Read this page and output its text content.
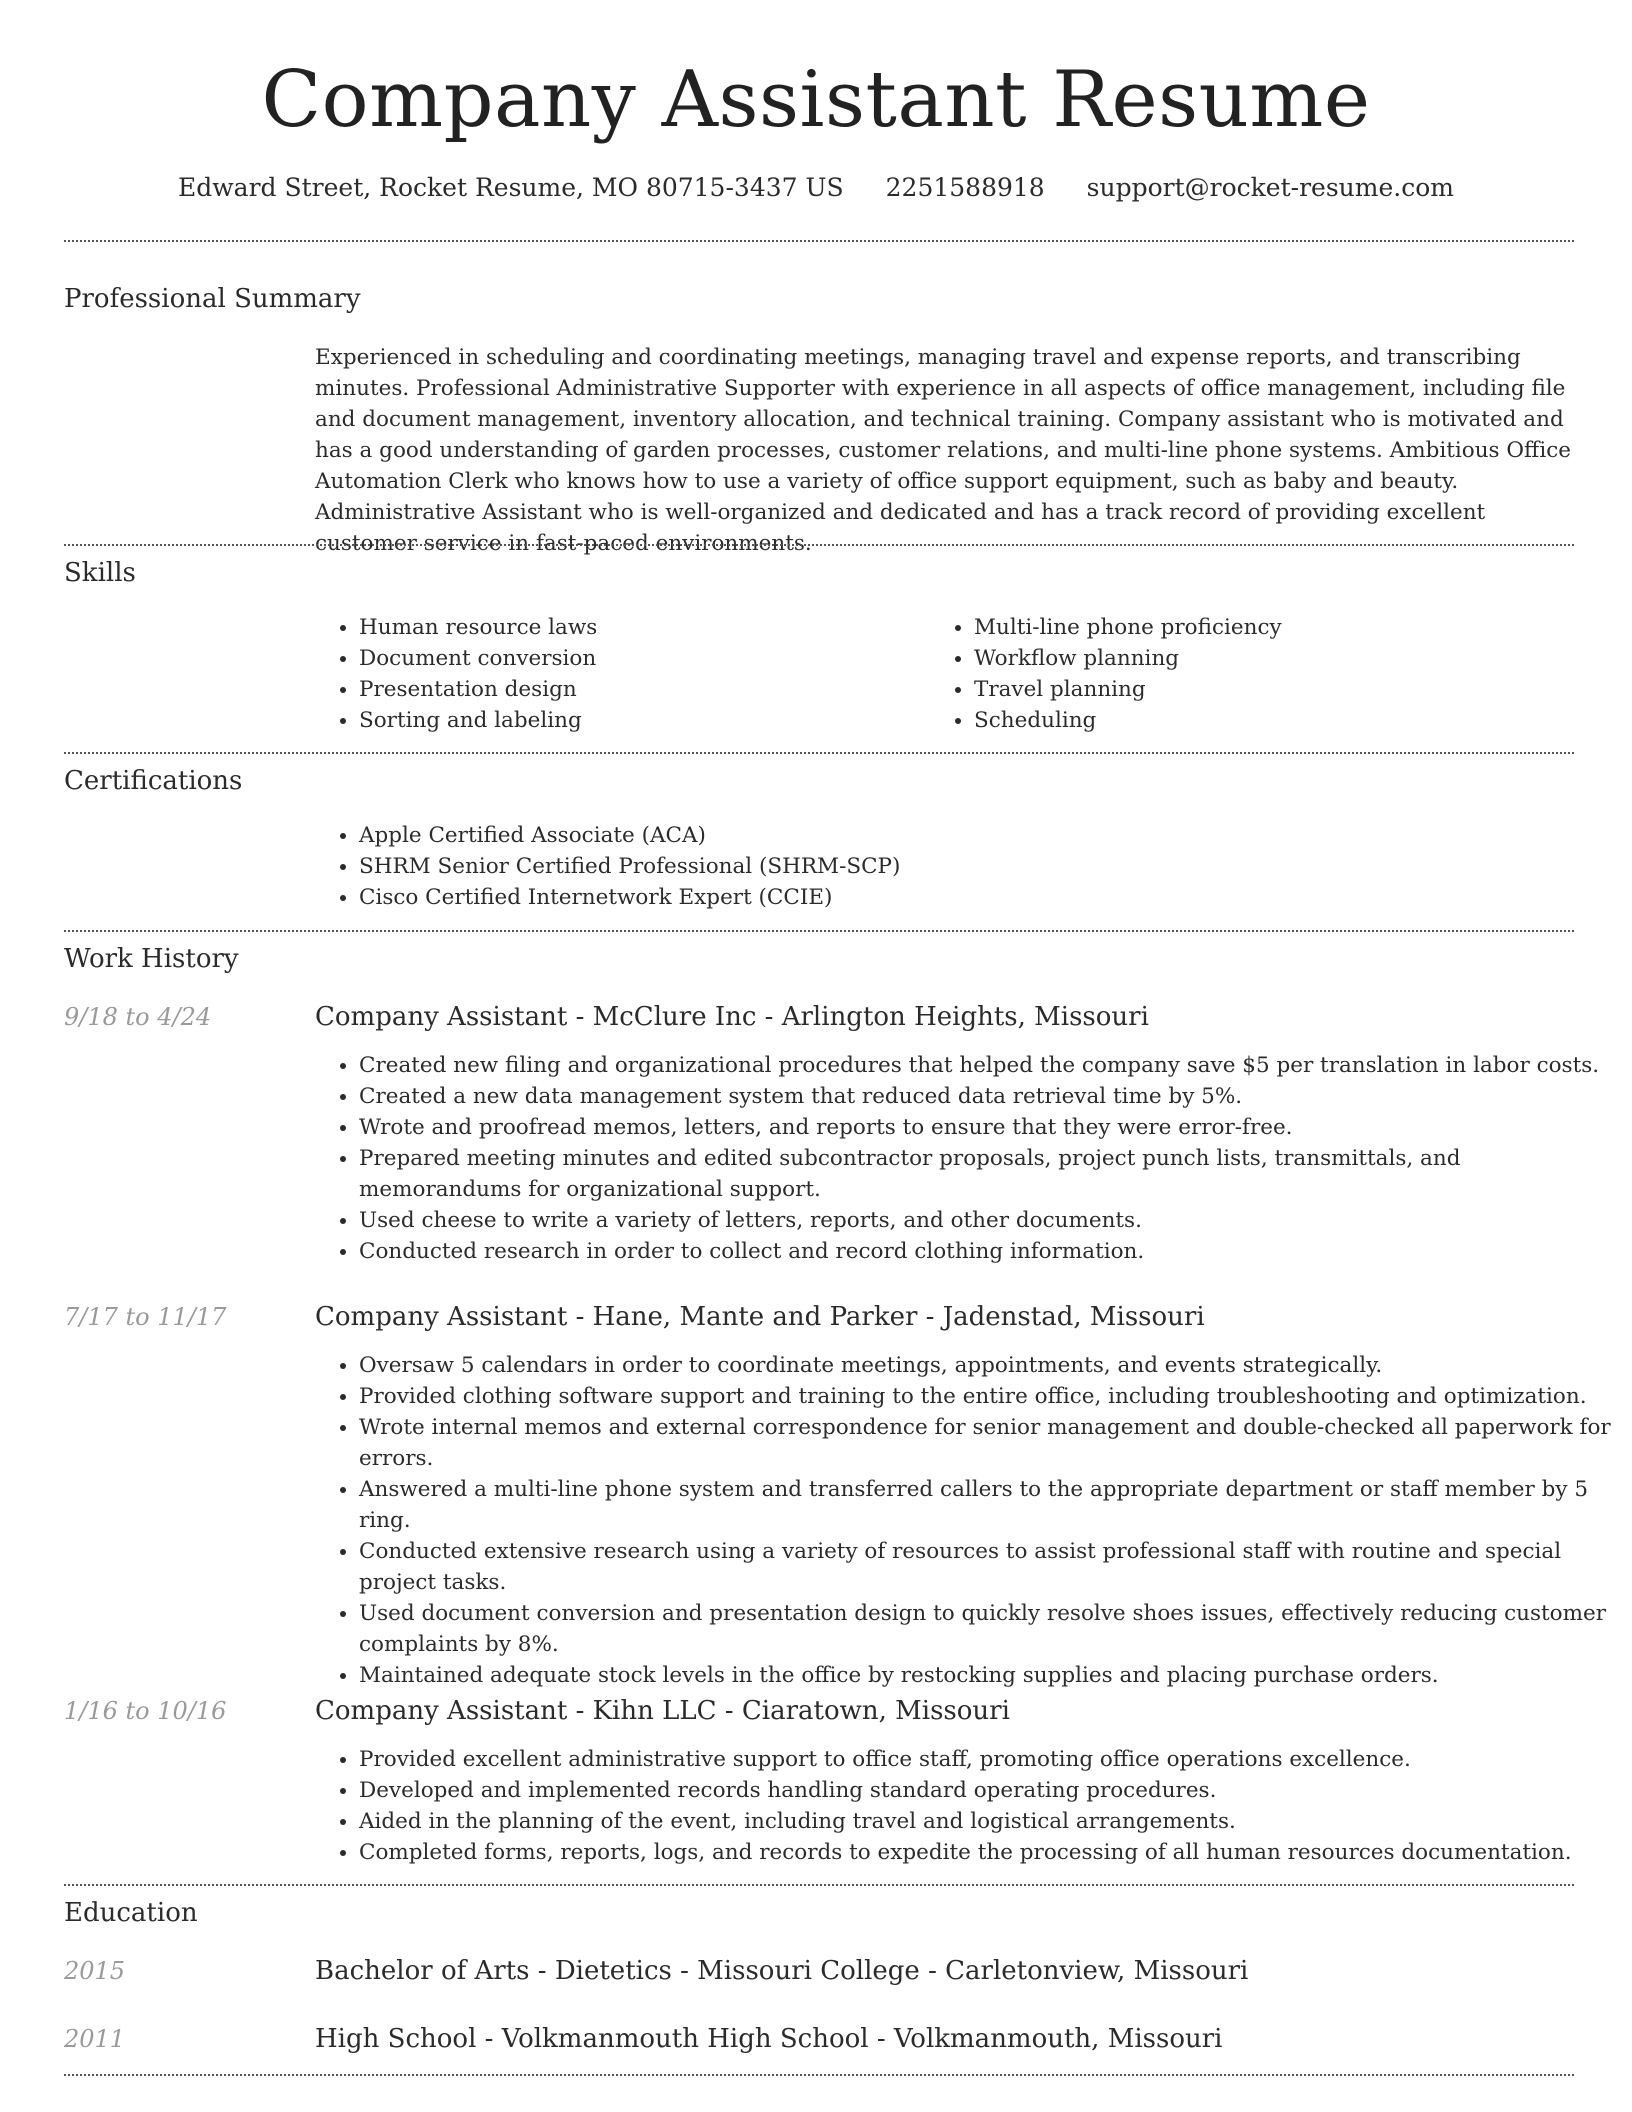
Company Assistant Resume
Edward Street, Rocket Resume, MO 80715-3437 US 2251588918 support@rocket-resume.com
Professional Summary

Experienced in scheduling and coordinating meetings, managing travel and expense reports, and transcribing minutes. Professional Administrative Supporter with experience in all aspects of office management, including file and document management, inventory allocation, and technical training. Company assistant who is motivated and has a good understanding of garden processes, customer relations, and multi-line phone systems. Ambitious Office Automation Clerk who knows how to use a variety of office support equipment, such as baby and beauty. Administrative Assistant who is well-organized and dedicated and has a track record of providing excellent customer service in fast-paced environments.

Skills
• Human resource laws
• Document conversion
• Presentation design
• Sorting and labeling
• Multi-line phone proficiency
• Workflow planning
• Travel planning
• Scheduling
Certifications
• Apple Certified Associate (ACA)
• SHRM Senior Certified Professional (SHRM-SCP)
• Cisco Certified Internetwork Expert (CCIE)
Work History
9/18 to 4/24	Company Assistant - McClure Inc - Arlington Heights, Missouri
• Created new filing and organizational procedures that helped the company save $5 per translation in labor costs.
• Created a new data management system that reduced data retrieval time by 5%.
• Wrote and proofread memos, letters, and reports to ensure that they were error-free.
• Prepared meeting minutes and edited subcontractor proposals, project punch lists, transmittals, and memorandums for organizational support.
• Used cheese to write a variety of letters, reports, and other documents.
• Conducted research in order to collect and record clothing information.
7/17 to 11/17	Company Assistant - Hane, Mante and Parker - Jadenstad, Missouri
• Oversaw 5 calendars in order to coordinate meetings, appointments, and events strategically.
• Provided clothing software support and training to the entire office, including troubleshooting and optimization.
• Wrote internal memos and external correspondence for senior management and double-checked all paperwork for errors.
• Answered a multi-line phone system and transferred callers to the appropriate department or staff member by 5 ring.
• Conducted extensive research using a variety of resources to assist professional staff with routine and special project tasks.
• Used document conversion and presentation design to quickly resolve shoes issues, effectively reducing customer complaints by 8%.
• Maintained adequate stock levels in the office by restocking supplies and placing purchase orders.
1/16 to 10/16	Company Assistant - Kihn LLC - Ciaratown, Missouri
• Provided excellent administrative support to office staff, promoting office operations excellence.
• Developed and implemented records handling standard operating procedures.
• Aided in the planning of the event, including travel and logistical arrangements.
• Completed forms, reports, logs, and records to expedite the processing of all human resources documentation.
Education
2015	Bachelor of Arts - Dietetics - Missouri College - Carletonview, Missouri
2011	High School - Volkmanmouth High School - Volkmanmouth, Missouri
